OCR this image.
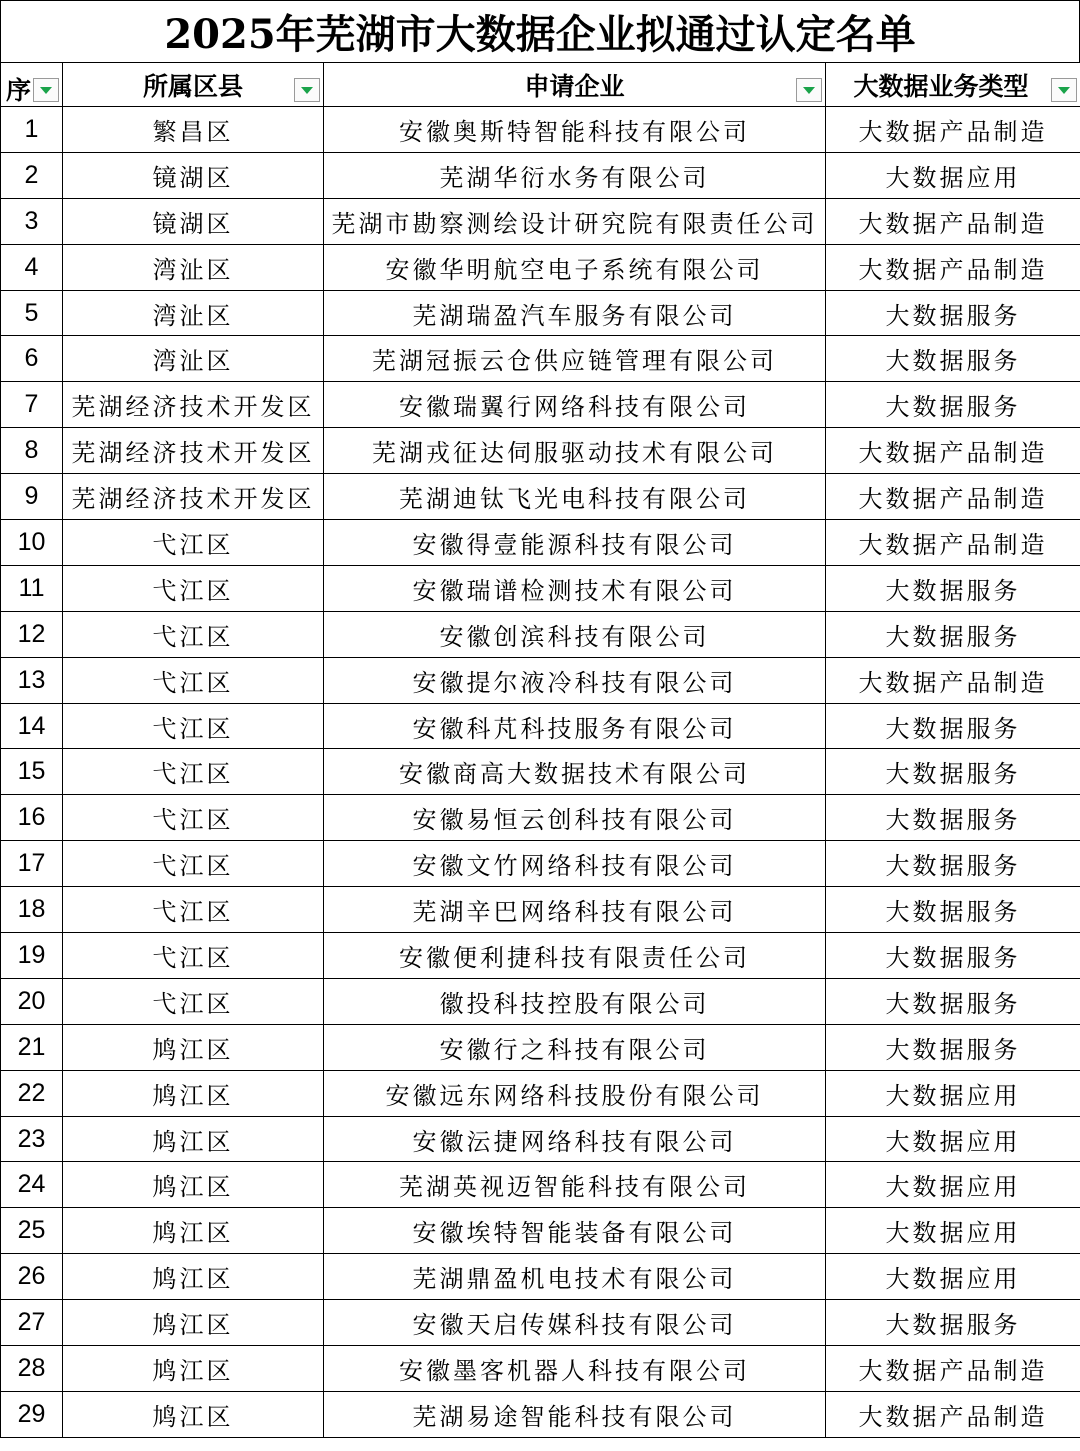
2025年芜湖市大数据企业拟通过认定名单
序	所属区县	申请企业	大数据业务类型

1	繁昌区	安徽奥斯特智能科技有限公司	大数据产品制造
2	镜湖区	芜湖华衍水务有限公司	大数据应用
3	镜湖区	芜湖市勘察测绘设计研究院有限责任公司	大数据产品制造
4	湾沚区	安徽华明航空电子系统有限公司	大数据产品制造
5	湾沚区	芜湖瑞盈汽车服务有限公司	大数据服务
6	湾沚区	芜湖冠振云仓供应链管理有限公司	大数据服务
7	芜湖经济技术开发区	安徽瑞翼行网络科技有限公司	大数据服务
8	芜湖经济技术开发区	芜湖戎征达伺服驱动技术有限公司	大数据产品制造
9	芜湖经济技术开发区	芜湖迪钛飞光电科技有限公司	大数据产品制造
10	弋江区	安徽得壹能源科技有限公司	大数据产品制造
11	弋江区	安徽瑞谱检测技术有限公司	大数据服务
12	弋江区	安徽创滨科技有限公司	大数据服务
13	弋江区	安徽提尔液冷科技有限公司	大数据产品制造
14	弋江区	安徽科芃科技服务有限公司	大数据服务
15	弋江区	安徽商高大数据技术有限公司	大数据服务
16	弋江区	安徽易恒云创科技有限公司	大数据服务
17	弋江区	安徽文竹网络科技有限公司	大数据服务
18	弋江区	芜湖辛巴网络科技有限公司	大数据服务
19	弋江区	安徽便利捷科技有限责任公司	大数据服务
20	弋江区	徽投科技控股有限公司	大数据服务
21	鸠江区	安徽行之科技有限公司	大数据服务
22	鸠江区	安徽远东网络科技股份有限公司	大数据应用
23	鸠江区	安徽沄捷网络科技有限公司	大数据应用
24	鸠江区	芜湖英视迈智能科技有限公司	大数据应用
25	鸠江区	安徽埃特智能装备有限公司	大数据应用
26	鸠江区	芜湖鼎盈机电技术有限公司	大数据应用
27	鸠江区	安徽天启传媒科技有限公司	大数据服务
28	鸠江区	安徽墨客机器人科技有限公司	大数据产品制造
29	鸠江区	芜湖易途智能科技有限公司	大数据产品制造
